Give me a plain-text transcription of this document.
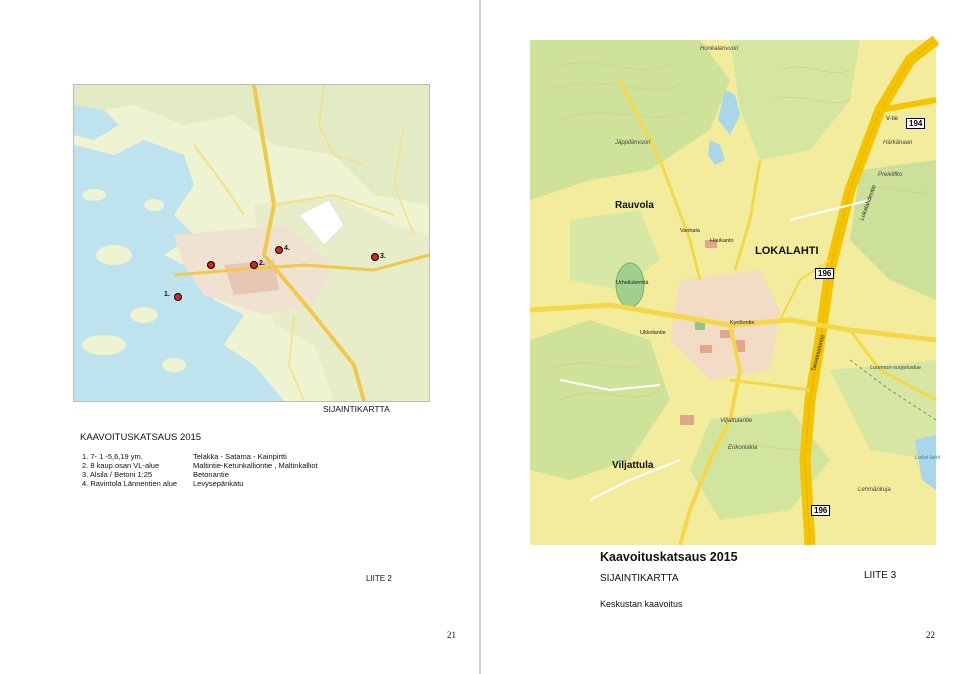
4.
2.
3.
1.
SIJAINTIKARTTA
KAAVOITUSKATSAUS 2015
1. 7- 1 -5,6,19 ym.
2. 8 kaup.osan VL-alue
3. Alsila / Betoni 1:25
4. Ravintola Lännentien alue
Telakka - Satama - Kainpirtti
Maltintie-Ketunkalliontie , Maltinkalliot
Betonantie
Levysepänkatu
LIITE 2
21
Honkalanvuori
Jäppilänvuori	Härkänaan
Preivilfko
Lokalahdentie
Taivassalontie
Kyrölontie
Ukkolantie
Erikoniakia
Lehmänkuja
Viljattulantie
Haukanto
Vanhala
Urheilukenttä
Luonnon-suojelualue
Lokal-lahti
V-tie
Rauvola
LOKALAHTI
Viljattula
194
196
196
Kaavoituskatsaus 2015
SIJAINTIKARTTA	LIITE 3
Keskustan kaavoitus
22
